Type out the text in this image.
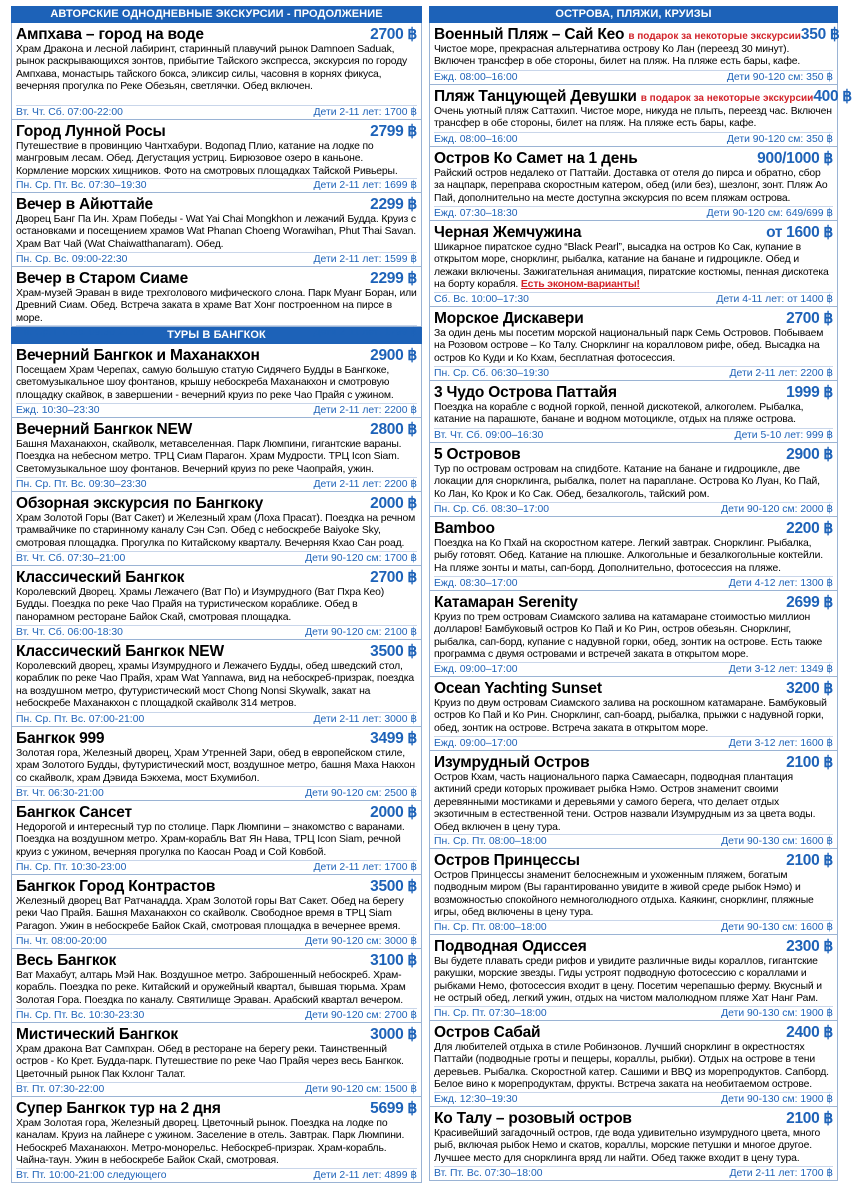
АВТОРСКИЕ ОДНОДНЕВНЫЕ ЭКСКУРСИИ - ПРОДОЛЖЕНИЕ
Ампхава – город на воде	2700 ฿
Храм Дракона и лесной лабиринт, старинный плавучий рынок Damnoen Saduak, рынок раскрывающихся зонтов, прибытие Тайского экспресса, экскурсия по городу Ампхава, монастырь тайского бокса, эликсир силы, часовня в корнях фикуса, вечерняя прогулка по Реке Обезьян, светлячки. Обед включен.
Вт. Чт. Сб. 07:00-22:00	Дети 2-11 лет: 1700 ฿
Город Лунной Росы	2799 ฿
Путешествие в провинцию Чантхабури. Водопад Плио, катание на лодке по мангровым лесам. Обед. Дегустация устриц. Бирюзовое озеро в каньоне. Кормление морских хищников. Фото на смотровых площадках Тайской Ривьеры.
Пн. Ср. Пт. Вс. 07:30–19:30	Дети 2-11 лет: 1699 ฿
Вечер в Айюттайе	2299 ฿
Дворец Банг Па Ин. Храм Победы - Wat Yai Chai Mongkhon и лежачий Будда. Круиз с остановками и посещением храмов Wat Phanan Choeng Worawihan, Phut Thai Savan. Храм Ват Чай (Wat Chaiwatthanaram). Обед.
Пн. Ср. Вс. 09:00-22:30	Дети 2-11 лет: 1599 ฿
Вечер в Старом Сиаме	2299 ฿
Храм-музей Эраван в виде трехголового мифического слона. Парк Муанг Боран, или Древний Сиам. Обед. Встреча заката в храме Ват Хонг построенном на пирсе в море.
Пн. Ср. Пт. Вс. 09:30-21:00	Дети 2-11 лет: 1799 ฿
ТУРЫ В БАНГКОК
Вечерний Бангкок и Маханакхон	2900 ฿
Посещаем Храм Черепах, самую большую статую Сидячего Будды в Бангкоке, светомузыкальное шоу фонтанов, крышу небоскреба Маханакхон и смотровую площадку скайвок, в завершении - вечерний круиз по реке Чао Прайя с ужином.
Ежд. 10:30–23:30	Дети 2-11 лет: 2200 ฿
Вечерний Бангкок NEW	2800 ฿
Башня Маханакхон, скайволк, метавселенная. Парк Люмпини, гигантские вараны. Поездка на небесном метро. ТРЦ Сиам Парагон. Храм Мудрости. ТРЦ Icon Siam. Светомузыкальное шоу фонтанов. Вечерний круиз по реке Чаопрайя, ужин.
Пн. Ср. Пт. Вс. 09:30–23:30	Дети 2-11 лет: 2200 ฿
Обзорная экскурсия по Бангкоку	2000 ฿
Храм Золотой Горы (Ват Сакет) и Железный храм (Лоха Прасат). Поездка на речном трамвайчике по старинному каналу Сэн Сэп. Обед с небоскребе Baiyoke Sky, смотровая площадка. Прогулка по Китайскому кварталу. Вечерняя Кхао Сан роад.
Вт. Чт. Сб. 07:30–21:00	Дети 90-120 см: 1700 ฿
Классический Бангкок	2700 ฿
Королевский Дворец. Храмы Лежачего (Ват По) и Изумрудного (Ват Пхра Кео) Будды. Поездка по реке Чао Прайя на туристическом кораблике. Обед в панорамном ресторане Байок Скай, смотровая площадка.
Вт. Чт. Сб. 06:00-18:30	Дети 90-120 см: 2100 ฿
Классический Бангкок NEW	3500 ฿
Королевский дворец, храмы Изумрудного и Лежачего Будды, обед шведский стол, кораблик по реке Чао Прайя, храм Wat Yannawa, вид на небоскреб-призрак, поездка на воздушном метро, футуристический мост Chong Nonsi Skywalk, закат на небоскребе Маханакхон с площадкой скайволк 314 метров.
Пн. Ср. Пт. Вс. 07:00-21:00	Дети 2-11 лет: 3000 ฿
Бангкок 999	3499 ฿
Золотая гора, Железный дворец, Храм Утренней Зари, обед в европейском стиле, храм Золотого Будды, футуристический мост, воздушное метро, башня Маха Накхон со скайволк, храм Дэвида Бэкхема, мост Бхумибол.
Вт. Чт. 06:30-21:00	Дети 90-120 см: 2500 ฿
Бангкок Сансет	2000 ฿
Недорогой и интересный тур по столице. Парк Люмпини – знакомство с варанами. Поездка на воздушном метро. Храм-корабль Ват Ян Нава, ТРЦ Icon Siam, речной круиз с ужином, вечерняя прогулка по Каосан Роад и Сой Ковбой.
Пн. Ср. Пт. 10:30-23:00	Дети 2-11 лет: 1700 ฿
Бангкок Город Контрастов	3500 ฿
Железный дворец Ват Ратчанадда. Храм Золотой горы Ват Сакет. Обед на берегу реки Чао Прайя. Башня Маханакхон со скайволк. Свободное время в ТРЦ Siam Paragon. Ужин в небоскребе Байок Скай, смотровая площадка в вечернее время.
Пн. Чт. 08:00-20:00	Дети 90-120 см: 3000 ฿
Весь Бангкок	3100 ฿
Ват Махабут, алтарь Мэй Нак. Воздушное метро. Заброшенный небоскреб. Храм-корабль. Поездка по реке. Китайский и оружейный квартал, бывшая тюрьма. Храм Золотая Гора. Поездка по каналу. Святилище Эраван. Арабский квартал вечером.
Пн. Ср. Пт. Вс. 10:30-23:30	Дети 90-120 см: 2700 ฿
Мистический Бангкок	3000 ฿
Храм дракона Ват Сампхран. Обед в ресторане на берегу реки. Таинственный остров - Ко Крет. Будда-парк. Путешествие по реке Чао Прайя через весь Бангкок. Цветочный рынок Пак Кхлонг Талат.
Вт. Пт. 07:30-22:00	Дети 90-120 см: 1500 ฿
Супер Бангкок тур на 2 дня	5699 ฿
Храм Золотая гора, Железный дворец. Цветочный рынок. Поездка на лодке по каналам. Круиз на лайнере с ужином. Заселение в отель. Завтрак. Парк Люмпини. Небоскреб Маханакхон. Метро-монорельс. Небоскреб-призрак. Храм-корабль. Чайна-таун. Ужин в небоскребе Байок Скай, смотровая.
Вт. Пт. 10:00-21:00 следующего	Дети 2-11 лет: 4899 ฿
ОСТРОВА, ПЛЯЖИ, КРУИЗЫ
Военный Пляж – Сай Кео в подарок за некоторые экскурсии 350 ฿
Чистое море, прекрасная альтернатива острову Ко Лан (переезд 30 минут). Включен трансфер в обе стороны, билет на пляж. На пляже есть бары, кафе.
Ежд. 08:00–16:00	Дети 90-120 см: 350 ฿
Пляж Танцующей Девушки в подарок за некоторые экскурсии 400 ฿
Очень уютный пляж Саттахип. Чистое море, никуда не плыть, переезд час. Включен трансфер в обе стороны, билет на пляж. На пляже есть бары, кафе.
Ежд. 08:00–16:00	Дети 90-120 см: 350 ฿
Остров Ко Самет на 1 день	900/1000 ฿
Райский остров недалеко от Паттайи. Доставка от отеля до пирса и обратно, сбор за нацпарк, переправа скоростным катером, обед (или без), шезлонг, зонт. Пляж Ао Пай, дополнительно на месте доступна экскурсия по всем пляжам острова.
Ежд. 07:30–18:30	Дети 90-120 см: 649/699 ฿
Черная Жемчужина	от 1600 ฿
Шикарное пиратское судно “Black Pearl”, высадка на остров Ко Сак, купание в открытом море, снорклинг, рыбалка, катание на банане и гидроцикле. Обед и лежаки включены. Зажигательная анимация, пиратские костюмы, пенная дискотека на борту корабля. Есть эконом-варианты!
Сб. Вс. 10:00–17:30	Дети 4-11 лет: от 1400 ฿
Морское Дискавери	2700 ฿
За один день мы посетим морской национальный парк Семь Островов. Побываем на Розовом острове – Ко Талу. Снорклинг на коралловом рифе, обед. Высадка на остров Ко Куди и Ко Кхам, бесплатная фотосессия.
Пн. Ср. Сб. 06:30–19:30	Дети 2-11 лет: 2200 ฿
3 Чудо Острова Паттайя	1999 ฿
Поездка на корабле с водной горкой, пенной дискотекой, алкоголем. Рыбалка, катание на парашюте, банане и водном мотоцикле, отдых на пляже острова.
Вт. Чт. Сб. 09:00–16:30	Дети 5-10 лет: 999 ฿
5 Островов	2900 ฿
Тур по островам островам на спидботе. Катание на банане и гидроцикле, две локации для снорклинга, рыбалка, полет на параплане. Острова Ко Луан, Ко Пай, Ко Лан, Ко Крок и Ко Сак. Обед, безалкоголь, тайский ром.
Пн. Ср. Сб. 08:30–17:00	Дети 90-120 см: 2000 ฿
Bamboo	2200 ฿
Поездка на Ко Пхай на скоростном катере. Легкий завтрак. Снорклинг. Рыбалка, рыбу готовят. Обед. Катание на плюшке. Алкогольные и безалкогольные коктейли. На пляже зонты и маты, сап-борд. Дополнительно, фотосессия на пляже.
Ежд. 08:30–17:00	Дети 4-12 лет: 1300 ฿
Катамаран Serenity	2699 ฿
Круиз по трем островам Сиамского залива на катамаране стоимостью миллион долларов! Бамбуковый остров Ко Пай и Ко Рин, остров обезьян. Снорклинг, рыбалка, сап-борд, купание с надувной горки, обед, зонтик на острове. Есть также программа с двумя островами и встречей заката в открытом море.
Ежд. 09:00–17:00	Дети 3-12 лет: 1349 ฿
Ocean Yachting Sunset	3200 ฿
Круиз по двум островам Сиамского залива на роскошном катамаране. Бамбуковый остров Ко Пай и Ко Рин. Снорклинг, сап-боард, рыбалка, прыжки с надувной горки, обед, зонтик на острове. Встреча заката в открытом море.
Ежд. 09:00–17:00	Дети 3-12 лет: 1600 ฿
Изумрудный Остров	2100 ฿
Остров Кхам, часть национального парка Самаесарн, подводная плантация актиний среди которых проживает рыбка Нэмо. Остров знаменит своими деревянными мостиками и деревьями у самого берега, что делает отдых экзотичным в естественной тени. Остров назвали Изумрудным из за цвета воды. Обед включен в цену тура.
Пн. Ср. Пт. 08:00–18:00	Дети 90-130 см: 1600 ฿
Остров Принцессы	2100 ฿
Остров Принцессы знаменит белоснежным и ухоженным пляжем, богатым подводным миром (Вы гарантированно увидите в живой среде рыбок Нэмо) и возможностью спокойного немноголюдного отдыха. Каякинг, снорклинг, пляжные игры, обед включены в цену тура.
Пн. Ср. Пт. 08:00–18:00	Дети 90-130 см: 1600 ฿
Подводная Одиссея	2300 ฿
Вы будете плавать среди рифов и увидите различные виды кораллов, гигантские ракушки, морские звезды. Гиды устроят подводную фотосессию с кораллами и рыбками Немо, фотосессия входит в цену. Посетим черепашью ферму. Вкусный и не острый обед, легкий ужин, отдых на чистом малолюдном пляже Хат Нанг Рам.
Пн. Ср. Пт. 07:30–18:00	Дети 90-130 см: 1900 ฿
Остров Сабай	2400 ฿
Для любителей отдыха в стиле Робинзонов. Лучший снорклинг в окрестностях Паттайи (подводные гроты и пещеры, кораллы, рыбки). Отдых на острове в тени деревьев. Рыбалка. Скоростной катер. Сашими и BBQ из морепродуктов. Сапборд. Белое вино к морепродуктам, фрукты. Встреча заката на необитаемом острове.
Ежд. 12:30–19:30	Дети 90-130 см: 1900 ฿
Ко Талу – розовый остров	2100 ฿
Красивейший загадочный остров, где вода удивительно изумрудного цвета, много рыб, включая рыбок Немо и скатов, кораллы, морские петушки и многое другое. Лучшее место для снорклинга вряд ли найти. Обед также входит в цену тура.
Вт. Пт. Вс. 07:30–18:00	Дети 2-11 лет: 1700 ฿
